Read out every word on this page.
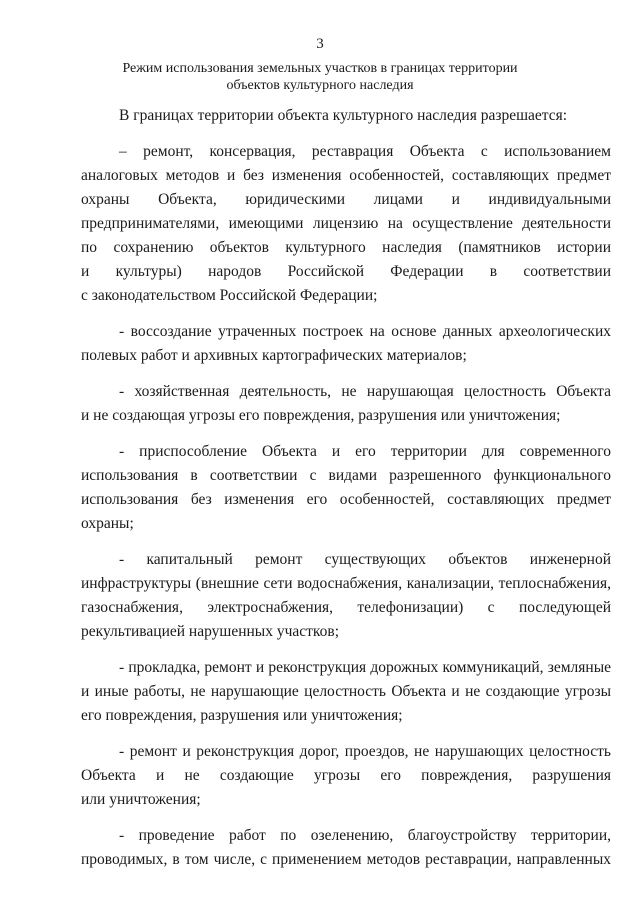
3
Режим использования земельных участков в границах территории
объектов культурного наследия
В границах территории объекта культурного наследия разрешается:
– ремонт, консервация, реставрация Объекта с использованием
аналоговых методов и без изменения особенностей, составляющих предмет
охраны Объекта, юридическими лицами и индивидуальными
предпринимателями, имеющими лицензию на осуществление деятельности
по сохранению объектов культурного наследия (памятников истории
и культуры) народов Российской Федерации в соответствии
с законодательством Российской Федерации;
- воссоздание утраченных построек на основе данных археологических
полевых работ и архивных картографических материалов;
- хозяйственная деятельность, не нарушающая целостность Объекта
и не создающая угрозы его повреждения, разрушения или уничтожения;
- приспособление Объекта и его территории для современного
использования в соответствии с видами разрешенного функционального
использования без изменения его особенностей, составляющих предмет
охраны;
- капитальный ремонт существующих объектов инженерной
инфраструктуры (внешние сети водоснабжения, канализации, теплоснабжения,
газоснабжения, электроснабжения, телефонизации) с последующей
рекультивацией нарушенных участков;
- прокладка, ремонт и реконструкция дорожных коммуникаций, земляные
и иные работы, не нарушающие целостность Объекта и не создающие угрозы
его повреждения, разрушения или уничтожения;
- ремонт и реконструкция дорог, проездов, не нарушающих целостность
Объекта и не создающие угрозы его повреждения, разрушения
или уничтожения;
- проведение работ по озеленению, благоустройству территории,
проводимых, в том числе, с применением методов реставрации, направленных
